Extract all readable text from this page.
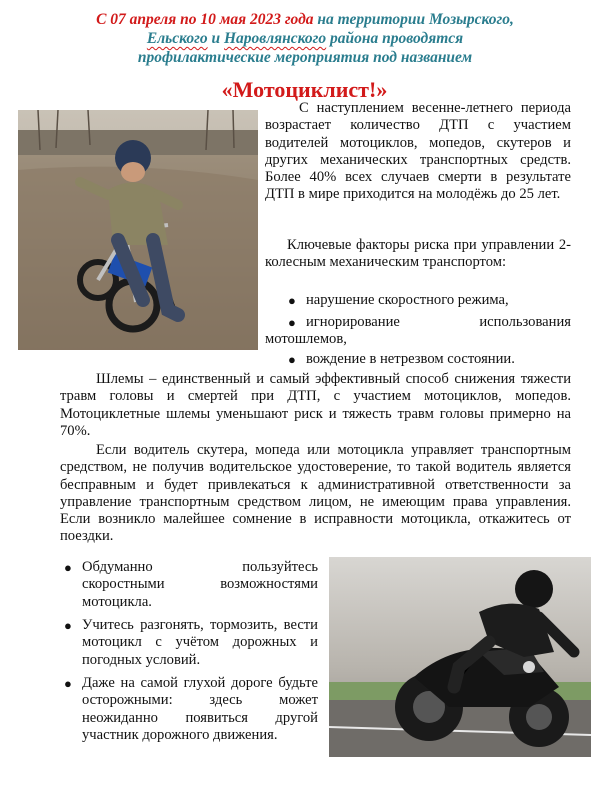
С 07 апреля по 10 мая 2023 года на территории Мозырского,
Ельского и Наровлянского района проводятся
профилактические мероприятия под названием
«Мотоциклист!»

С наступлением весенне-летнего периода возрастает количество ДТП с участием водителей мотоциклов, мопедов, скутеров и других механических транспортных средств. Более 40% всех случаев смерти в результате ДТП в мире приходится на молодёжь до 25 лет.

Ключевые факторы риска при управлении 2-колесным механическим транспортом:

● нарушение скоростного режима,

● игнорирование использования мотошлемов,

● вождение в нетрезвом состоянии.

Шлемы – единственный и самый эффективный способ снижения тяжести травм головы и смертей при ДТП, с участием мотоциклов, мопедов. Мотоциклетные шлемы уменьшают риск и тяжесть травм головы примерно на 70%.

Если водитель скутера, мопеда или мотоцикла управляет транспортным средством, не получив водительское удостоверение, то такой водитель является бесправным и будет привлекаться к административной ответственности за управление транспортным средством лицом, не имеющим права управления. Если возникло малейшее сомнение в исправности мотоцикла, откажитесь от поездки.

● Обдуманно пользуйтесь скоростными возможностями мотоцикла.

● Учитесь разгонять, тормозить, вести мотоцикл с учётом дорожных и погодных условий.

● Даже на самой глухой дороге будьте осторожными: здесь может неожиданно появиться другой участник дорожного движения.
